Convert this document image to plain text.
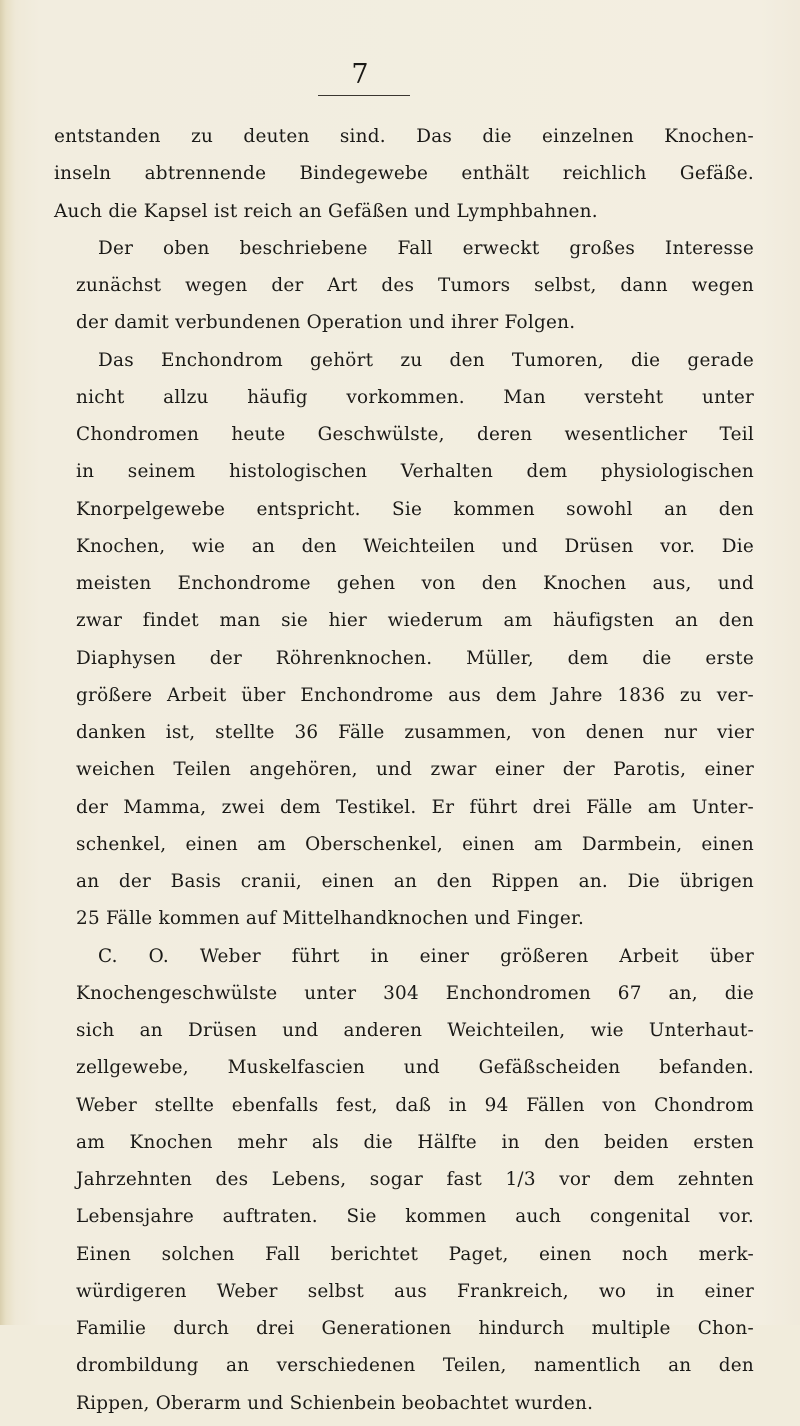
7
entstanden zu deuten sind. Das die einzelnen Knochen-
inseln abtrennende Bindegewebe enthält reichlich Gefäße.
Auch die Kapsel ist reich an Gefäßen und Lymphbahnen.
Der oben beschriebene Fall erweckt großes Interesse
zunächst wegen der Art des Tumors selbst, dann wegen
der damit verbundenen Operation und ihrer Folgen.
Das Enchondrom gehört zu den Tumoren, die gerade
nicht allzu häufig vorkommen. Man versteht unter
Chondromen heute Geschwülste, deren wesentlicher Teil
in seinem histologischen Verhalten dem physiologischen
Knorpelgewebe entspricht. Sie kommen sowohl an den
Knochen, wie an den Weichteilen und Drüsen vor. Die
meisten Enchondrome gehen von den Knochen aus, und
zwar findet man sie hier wiederum am häufigsten an den
Diaphysen der Röhrenknochen. Müller, dem die erste
größere Arbeit über Enchondrome aus dem Jahre 1836 zu ver-
danken ist, stellte 36 Fälle zusammen, von denen nur vier
weichen Teilen angehören, und zwar einer der Parotis, einer
der Mamma, zwei dem Testikel. Er führt drei Fälle am Unter-
schenkel, einen am Oberschenkel, einen am Darmbein, einen
an der Basis cranii, einen an den Rippen an. Die übrigen
25 Fälle kommen auf Mittelhandknochen und Finger.
C. O. Weber führt in einer größeren Arbeit über
Knochengeschwülste unter 304 Enchondromen 67 an, die
sich an Drüsen und anderen Weichteilen, wie Unterhaut-
zellgewebe, Muskelfascien und Gefäßscheiden befanden.
Weber stellte ebenfalls fest, daß in 94 Fällen von Chondrom
am Knochen mehr als die Hälfte in den beiden ersten
Jahrzehnten des Lebens, sogar fast 1/3 vor dem zehnten
Lebensjahre auftraten. Sie kommen auch congenital vor.
Einen solchen Fall berichtet Paget, einen noch merk-
würdigeren Weber selbst aus Frankreich, wo in einer
Familie durch drei Generationen hindurch multiple Chon-
drombildung an verschiedenen Teilen, namentlich an den
Rippen, Oberarm und Schienbein beobachtet wurden.
